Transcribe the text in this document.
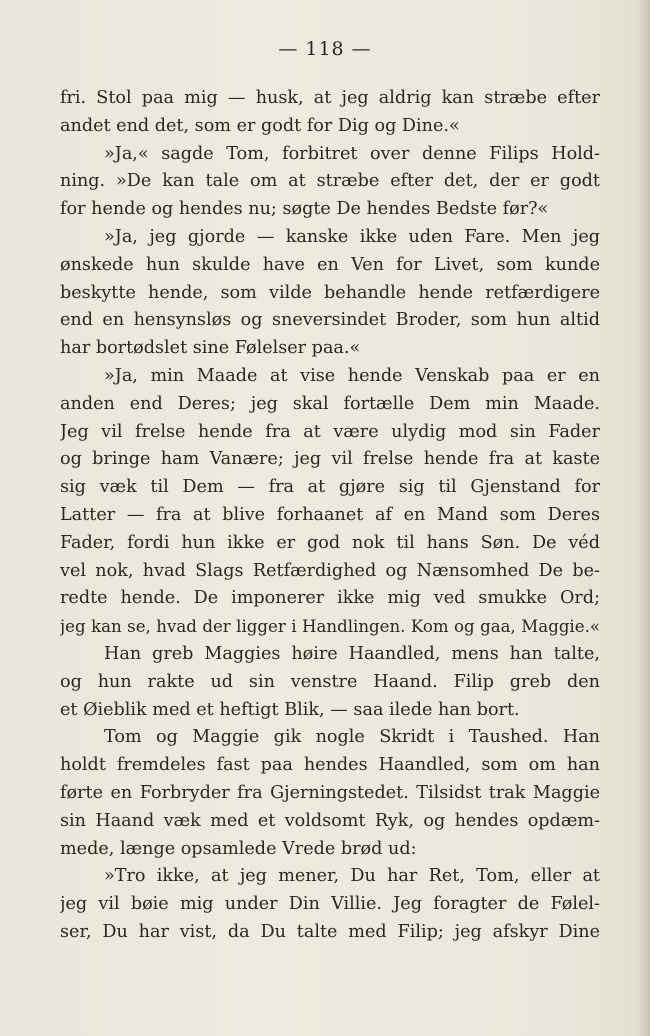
— 118 —
fri. Stol paa mig — husk, at jeg aldrig kan stræbe efter
andet end det, som er godt for Dig og Dine.«
»Ja,« sagde Tom, forbitret over denne Filips Hold-
ning. »De kan tale om at stræbe efter det, der er godt
for hende og hendes nu; søgte De hendes Bedste før?«
»Ja, jeg gjorde — kanske ikke uden Fare. Men jeg
ønskede hun skulde have en Ven for Livet, som kunde
beskytte hende, som vilde behandle hende retfærdigere
end en hensynsløs og sneversindet Broder, som hun altid
har bortødslet sine Følelser paa.«
»Ja, min Maade at vise hende Venskab paa er en
anden end Deres; jeg skal fortælle Dem min Maade.
Jeg vil frelse hende fra at være ulydig mod sin Fader
og bringe ham Vanære; jeg vil frelse hende fra at kaste
sig væk til Dem — fra at gjøre sig til Gjenstand for
Latter — fra at blive forhaanet af en Mand som Deres
Fader, fordi hun ikke er god nok til hans Søn. De véd
vel nok, hvad Slags Retfærdighed og Nænsomhed De be-
redte hende. De imponerer ikke mig ved smukke Ord;
jeg kan se, hvad der ligger i Handlingen. Kom og gaa, Maggie.«
Han greb Maggies høire Haandled, mens han talte,
og hun rakte ud sin venstre Haand. Filip greb den
et Øieblik med et heftigt Blik, — saa ilede han bort.
Tom og Maggie gik nogle Skridt i Taushed. Han
holdt fremdeles fast paa hendes Haandled, som om han
førte en Forbryder fra Gjerningstedet. Tilsidst trak Maggie
sin Haand væk med et voldsomt Ryk, og hendes opdæm-
mede, længe opsamlede Vrede brød ud:
»Tro ikke, at jeg mener, Du har Ret, Tom, eller at
jeg vil bøie mig under Din Villie. Jeg foragter de Følel-
ser, Du har vist, da Du talte med Filip; jeg afskyr Dine
